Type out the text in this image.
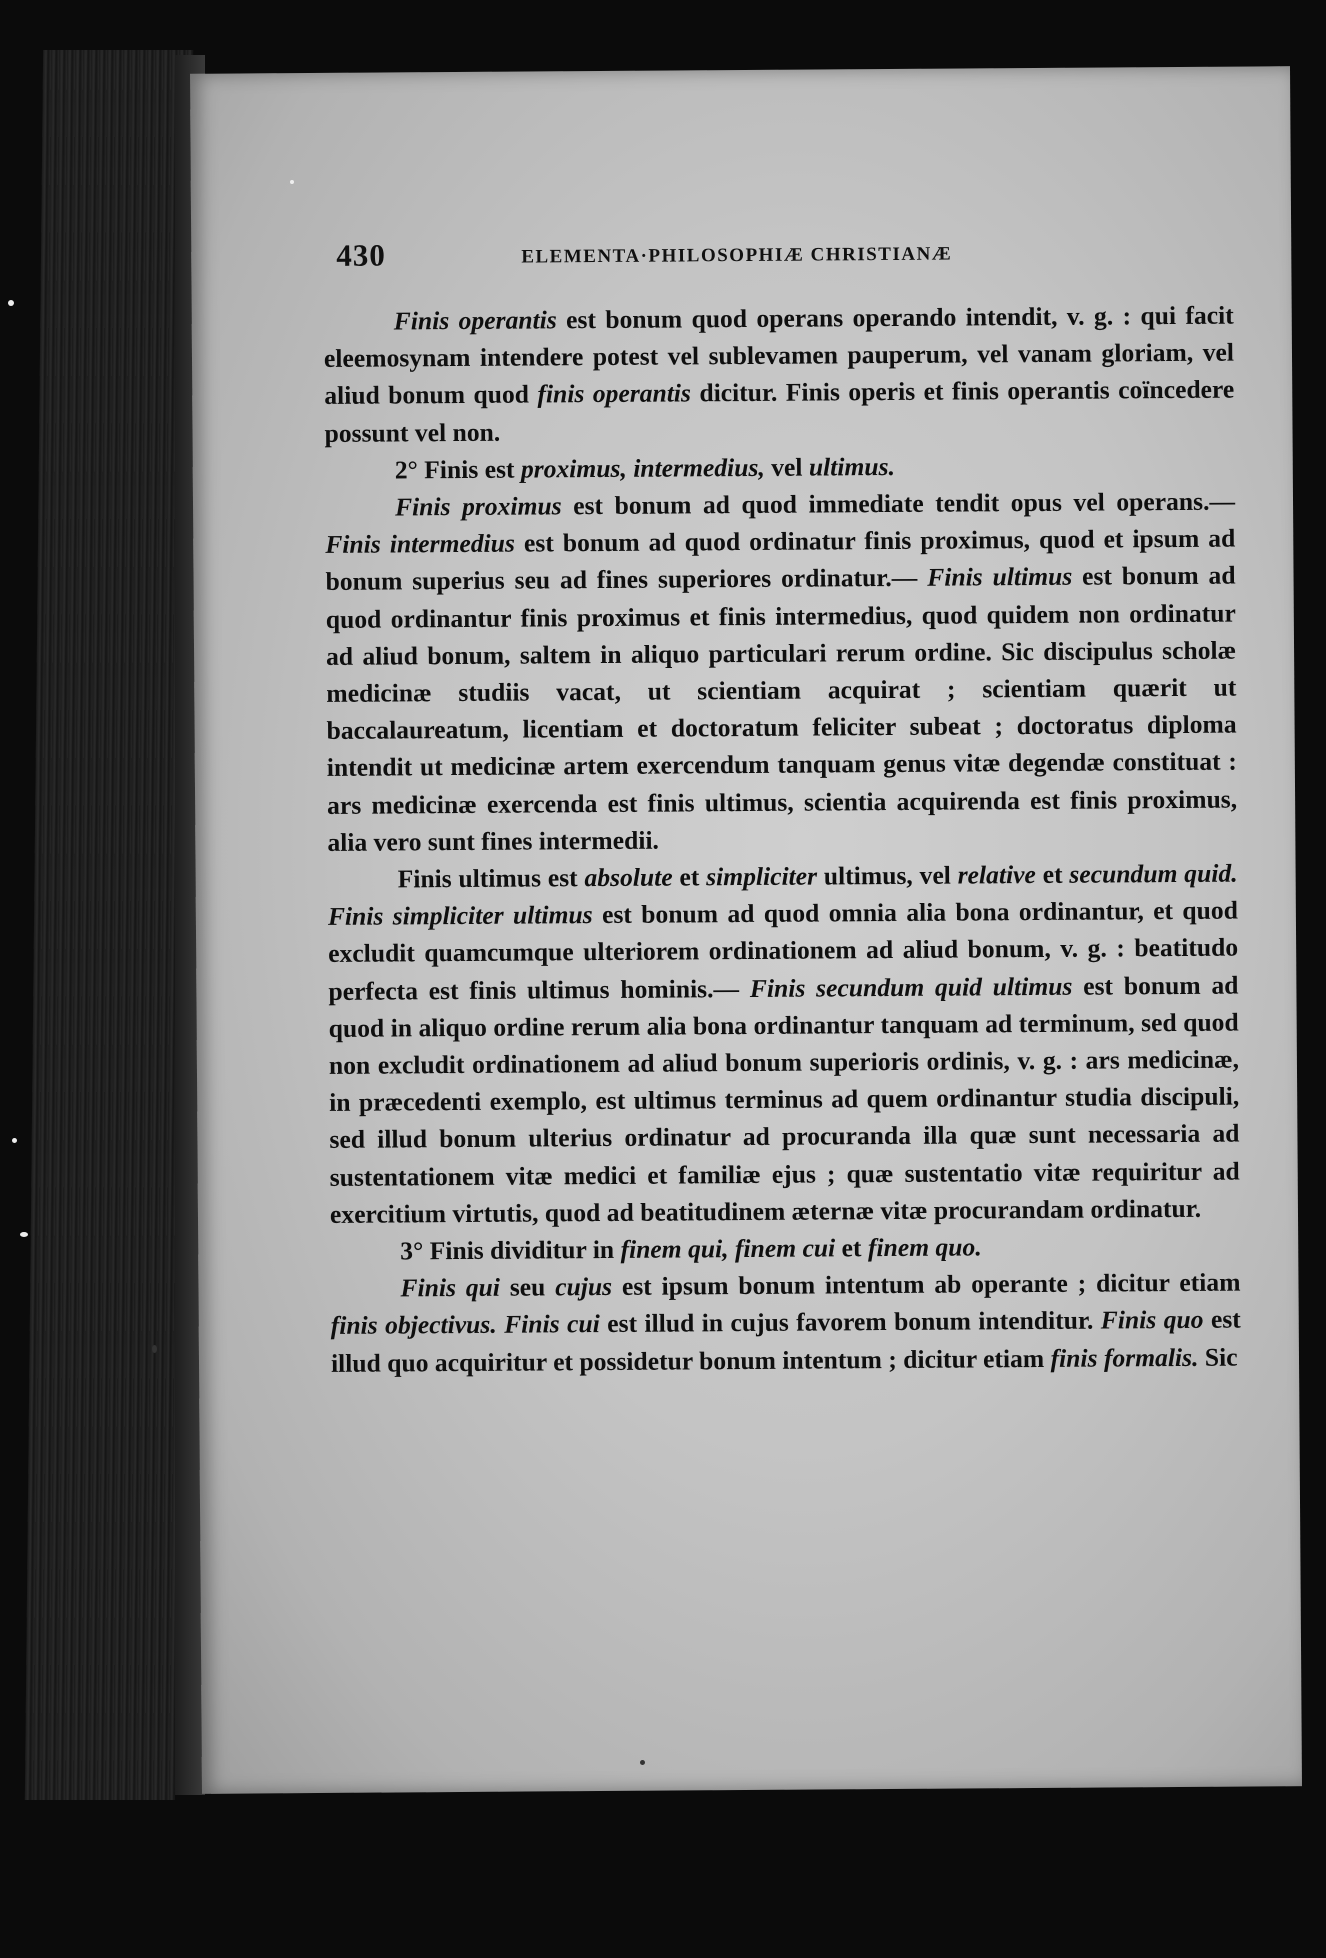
430	ELEMENTA·PHILOSOPHIÆ CHRISTIANÆ

Finis operantis est bonum quod operans operando intendit, v. g. : qui facit eleemosynam intendere potest vel sublevamen pauperum, vel vanam gloriam, vel aliud bonum quod finis operantis dicitur. Finis operis et finis operantis coïncedere possunt vel non.

2° Finis est proximus, intermedius, vel ultimus.

Finis proximus est bonum ad quod immediate tendit opus vel operans.— Finis intermedius est bonum ad quod ordinatur finis proximus, quod et ipsum ad bonum superius seu ad fines superiores ordinatur.— Finis ultimus est bonum ad quod ordinantur finis proximus et finis intermedius, quod quidem non ordinatur ad aliud bonum, saltem in aliquo particulari rerum ordine. Sic discipulus scholæ medicinæ studiis vacat, ut scientiam acquirat ; scientiam quærit ut baccalaureatum, licentiam et doctoratum feliciter subeat ; doctoratus diploma intendit ut medicinæ artem exercendum tanquam genus vitæ degendæ constituat : ars medicinæ exercenda est finis ultimus, scientia acquirenda est finis proximus, alia vero sunt fines intermedii.

Finis ultimus est absolute et simpliciter ultimus, vel relative et secundum quid. Finis simpliciter ultimus est bonum ad quod omnia alia bona ordinantur, et quod excludit quamcumque ulteriorem ordinationem ad aliud bonum, v. g. : beatitudo perfecta est finis ultimus hominis.— Finis secundum quid ultimus est bonum ad quod in aliquo ordine rerum alia bona ordinantur tanquam ad terminum, sed quod non excludit ordinationem ad aliud bonum superioris ordinis, v. g. : ars medicinæ, in præcedenti exemplo, est ultimus terminus ad quem ordinantur studia discipuli, sed illud bonum ulterius ordinatur ad procuranda illa quæ sunt necessaria ad sustentationem vitæ medici et familiæ ejus ; quæ sustentatio vitæ requiritur ad exercitium virtutis, quod ad beatitudinem æternæ vitæ procurandam ordinatur.

3° Finis dividitur in finem qui, finem cui et finem quo.

Finis qui seu cujus est ipsum bonum intentum ab operante ; dicitur etiam finis objectivus. Finis cui est illud in cujus favorem bonum intenditur. Finis quo est illud quo acquiritur et possidetur bonum intentum ; dicitur etiam finis formalis. Sic
